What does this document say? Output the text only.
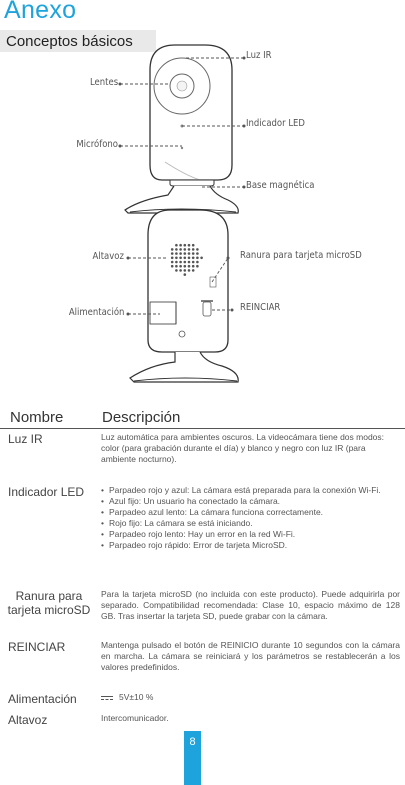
Anexo
Conceptos básicos
Luz IR
Lentes
Indicador LED
Micrófono
Base magnética
Altavoz	Ranura para tarjeta microSD
Alimentación	REINCIAR
Nombre	Descripción
Luz IR	Luz automática para ambientes oscuros. La videocámara tiene dos modos: color (para grabación durante el día) y blanco y negro con luz IR (para ambiente nocturno).
Indicador LED
•	Parpadeo rojo y azul: La cámara está preparada para la conexión Wi-Fi.
• Azul fijo: Un usuario ha conectado la cámara.
• Parpadeo azul lento: La cámara funciona correctamente.
• Rojo fijo: La cámara se está iniciando.
• Parpadeo rojo lento: Hay un error en la red Wi-Fi.
• Parpadeo rojo rápido: Error de tarjeta MicroSD.
Ranura para
tarjeta microSD
Para la tarjeta microSD (no incluida con este producto). Puede adquirirla por separado. Compatibilidad recomendada: Clase 10, espacio máximo de 128 GB. Tras insertar la tarjeta SD, puede grabar con la cámara.
REINCIAR	Mantenga pulsado el botón de REINICIO durante 10 segundos con la cámara en marcha. La cámara se reiniciará y los parámetros se restablecerán a los valores predefinidos.
Alimentación	5V±10 %
Altavoz	Intercomunicador.
8
